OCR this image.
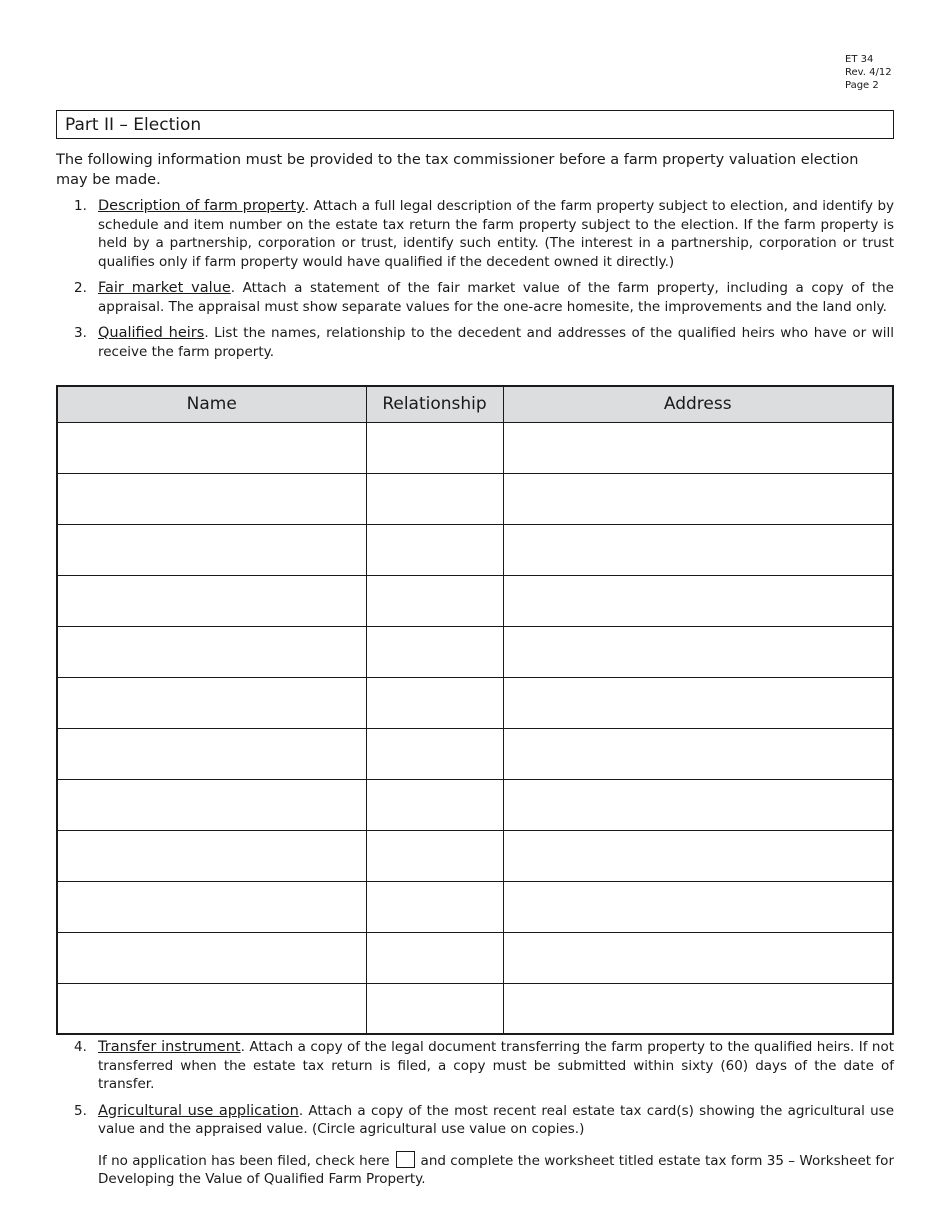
ET 34
Rev. 4/12
Page 2
Part II – Election
The following information must be provided to the tax commissioner before a farm property valuation election may be made.
1. Description of farm property. Attach a full legal description of the farm property subject to election, and identify by schedule and item number on the estate tax return the farm property subject to the election. If the farm property is held by a partnership, corporation or trust, identify such entity. (The interest in a partnership, corporation or trust qualifies only if farm property would have qualified if the decedent owned it directly.)
2. Fair market value. Attach a statement of the fair market value of the farm property, including a copy of the appraisal. The appraisal must show separate values for the one-acre homesite, the improvements and the land only.
3. Qualified heirs. List the names, relationship to the decedent and addresses of the qualified heirs who have or will receive the farm property.
Name	Relationship	Address

4. Transfer instrument. Attach a copy of the legal document transferring the farm property to the qualified heirs. If not transferred when the estate tax return is filed, a copy must be submitted within sixty (60) days of the date of transfer.
5. Agricultural use application. Attach a copy of the most recent real estate tax card(s) showing the agricultural use value and the appraised value. (Circle agricultural use value on copies.)

If no application has been filed, check here and complete the worksheet titled estate tax form 35 – Worksheet for Developing the Value of Qualified Farm Property.
